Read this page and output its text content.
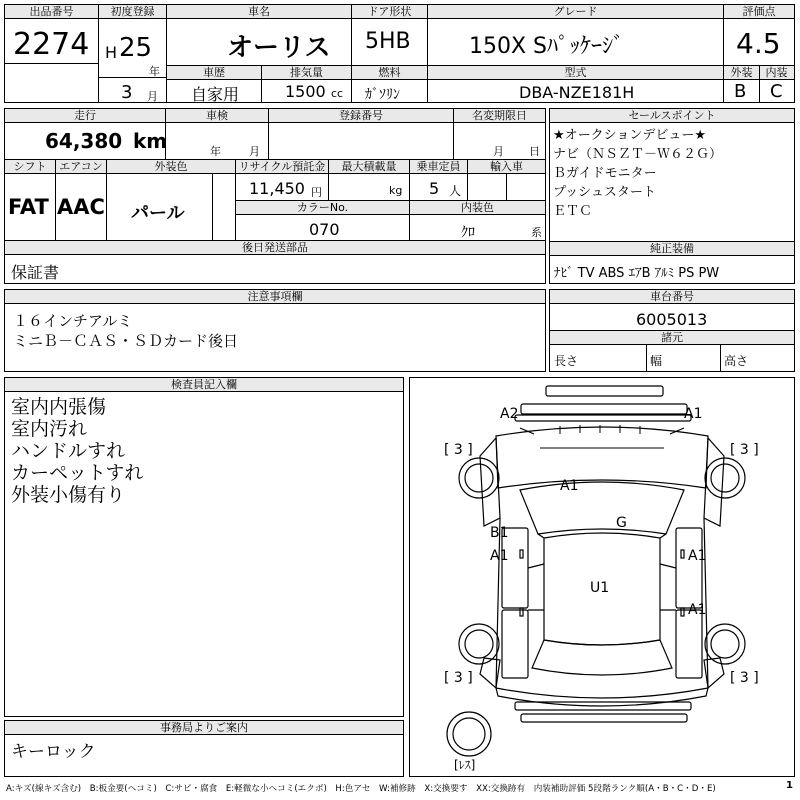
出品番号
2274
初度登録
H 25
年
3 月
車名
オーリス
ドア形状
5HB
グレード
150X Sﾊﾟｯｹｰｼﾞ
車歴
自家用
排気量
1500 cc
燃料
ｶﾞｿﾘﾝ
型式
DBA-NZE181H
評価点
4.5
外装	内装
B C
走行
64,380 km
車検
年	月
登録番号	名変期限日
月 日
シフト
FAT
エアコン
AAC
外装色
パール
リサイクル預託金
11,450 円
最大積載量
kg
乗車定員
5 人
輸入車
カラーNo.
070
内装色
ｸﾛ	系
後日発送部品
保証書
セールスポイント
★オークションデビュー★
ナビ（ＮＳＺＴ－Ｗ６２Ｇ）
Ｂガイドモニター
プッシュスタート
ＥＴＣ
純正装備
ﾅﾋﾞ TV ABS ｴｱB ｱﾙﾐ PS PW
注意事項欄
１６インチアルミ
ミニＢ－ＣＡＳ・ＳＤカード後日
車台番号
6005013
諸元
長さ	幅	高さ
検査員記入欄
室内内張傷
室内汚れ
ハンドルすれ
カーペットすれ
外装小傷有り
事務局よりご案内
キーロック
A2	A1
A1
G
B1
A1	A1
U1
A1
[ 3 ]	[ 3 ]
[ 3 ]	[ 3 ]
[ﾚｽ]
A:キズ(線キズ含む)　B:板金要(ヘコミ)　C:サビ・腐食　E:軽微な小ヘコミ(エクボ)　H:色アセ　W:補修跡　X:交換要す　XX:交換跡有　内装補助評価 5段階ランク順(A・B・C・D・E)	1
